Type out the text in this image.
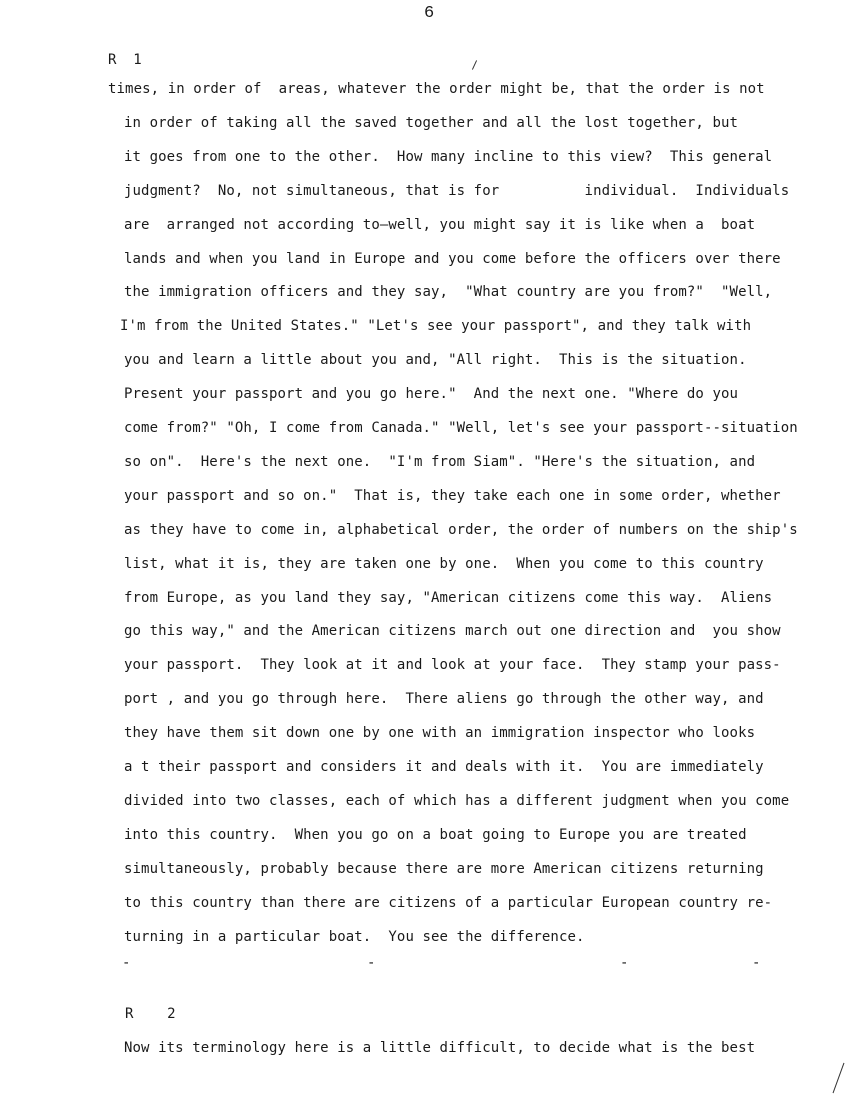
6
R  1
times, in order of  areas, whatever the order might be, that the order is not
in order of taking all the saved together and all the lost together, but
it goes from one to the other.  How many incline to this view?  This general
judgment?  No, not simultaneous, that is for          individual.  Individuals
are  arranged not according to—well, you might say it is like when a  boat
lands and when you land in Europe and you come before the officers over there
the immigration officers and they say,  "What country are you from?"  "Well,
I'm from the United States." "Let's see your passport", and they talk with
you and learn a little about you and, "All right.  This is the situation.
Present your passport and you go here."  And the next one. "Where do you
come from?" "Oh, I come from Canada." "Well, let's see your passport--situation
so on".  Here's the next one.  "I'm from Siam". "Here's the situation, and
your passport and so on."  That is, they take each one in some order, whether
as they have to come in, alphabetical order, the order of numbers on the ship's
list, what it is, they are taken one by one.  When you come to this country
from Europe, as you land they say, "American citizens come this way.  Aliens
go this way," and the American citizens march out one direction and  you show
your passport.  They look at it and look at your face.  They stamp your pass-
port , and you go through here.  There aliens go through the other way, and
they have them sit down one by one with an immigration inspector who looks
a t their passport and considers it and deals with it.  You are immediately
divided into two classes, each of which has a different judgment when you come
into this country.  When you go on a boat going to Europe you are treated
simultaneously, probably because there are more American citizens returning
to this country than there are citizens of a particular European country re-
turning in a particular boat.  You see the difference.
-	-	-	-
R    2
Now its terminology here is a little difficult, to decide what is the best
